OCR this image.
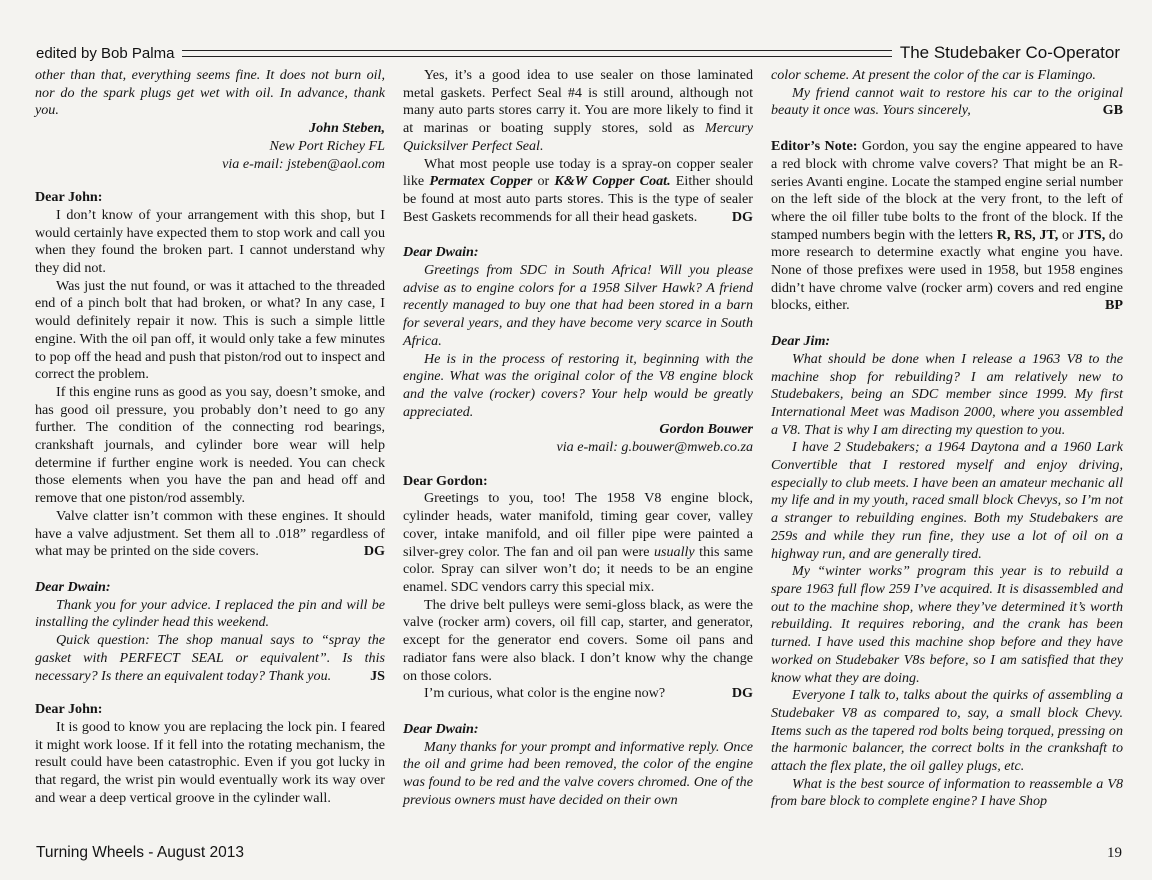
edited by Bob Palma	The Studebaker Co-Operator

other than that, everything seems fine. It does not burn oil, nor do the spark plugs get wet with oil. In advance, thank you.

John Steben,

New Port Richey FL

via e-mail: jsteben@aol.com

Dear John:

I don’t know of your arrangement with this shop, but I would certainly have expected them to stop work and call you when they found the broken part. I cannot understand why they did not.

Was just the nut found, or was it attached to the threaded end of a pinch bolt that had broken, or what? In any case, I would definitely repair it now. This is such a simple little engine. With the oil pan off, it would only take a few minutes to pop off the head and push that piston/rod out to inspect and correct the problem.

If this engine runs as good as you say, doesn’t smoke, and has good oil pressure, you probably don’t need to go any further. The condition of the connecting rod bearings, crankshaft journals, and cylinder bore wear will help determine if further engine work is needed. You can check those elements when you have the pan and head off and remove that one piston/rod assembly.

Valve clatter isn’t common with these engines. It should have a valve adjustment. Set them all to .018” regardless of what may be printed on the side covers.	DG

Dear Dwain:

Thank you for your advice. I replaced the pin and will be installing the cylinder head this weekend.

Quick question: The shop manual says to “spray the gasket with PERFECT SEAL or equivalent”. Is this necessary? Is there an equivalent today? Thank you.	JS

Dear John:

It is good to know you are replacing the lock pin. I feared it might work loose. If it fell into the rotating mechanism, the result could have been catastrophic. Even if you got lucky in that regard, the wrist pin would eventually work its way over and wear a deep vertical groove in the cylinder wall.

Yes, it’s a good idea to use sealer on those laminated metal gaskets. Perfect Seal #4 is still around, although not many auto parts stores carry it. You are more likely to find it at marinas or boating supply stores, sold as Mercury Quicksilver Perfect Seal.

What most people use today is a spray-on copper sealer like Permatex Copper or K&W Copper Coat. Either should be found at most auto parts stores. This is the type of sealer Best Gaskets recommends for all their head gaskets.	DG

Dear Dwain:

Greetings from SDC in South Africa! Will you please advise as to engine colors for a 1958 Silver Hawk? A friend recently managed to buy one that had been stored in a barn for several years, and they have become very scarce in South Africa.

He is in the process of restoring it, beginning with the engine. What was the original color of the V8 engine block and the valve (rocker) covers? Your help would be greatly appreciated.

Gordon Bouwer

via e-mail: g.bouwer@mweb.co.za

Dear Gordon:

Greetings to you, too! The 1958 V8 engine block, cylinder heads, water manifold, timing gear cover, valley cover, intake manifold, and oil filler pipe were painted a silver-grey color. The fan and oil pan were usually this same color. Spray can silver won’t do; it needs to be an engine enamel. SDC vendors carry this special mix.

The drive belt pulleys were semi-gloss black, as were the valve (rocker arm) covers, oil fill cap, starter, and generator, except for the generator end covers. Some oil pans and radiator fans were also black. I don’t know why the change on those colors.

I’m curious, what color is the engine now?	DG

Dear Dwain:

Many thanks for your prompt and informative reply. Once the oil and grime had been removed, the color of the engine was found to be red and the valve covers chromed. One of the previous owners must have decided on their own

color scheme. At present the color of the car is Flamingo.

My friend cannot wait to restore his car to the original beauty it once was. Yours sincerely,	GB

Editor’s Note: Gordon, you say the engine appeared to have a red block with chrome valve covers? That might be an R-series Avanti engine. Locate the stamped engine serial number on the left side of the block at the very front, to the left of where the oil filler tube bolts to the front of the block. If the stamped numbers begin with the letters R, RS, JT, or JTS, do more research to determine exactly what engine you have. None of those prefixes were used in 1958, but 1958 engines didn’t have chrome valve (rocker arm) covers and red engine blocks, either.	BP

Dear Jim:

What should be done when I release a 1963 V8 to the machine shop for rebuilding? I am relatively new to Studebakers, being an SDC member since 1999. My first International Meet was Madison 2000, where you assembled a V8. That is why I am directing my question to you.

I have 2 Studebakers; a 1964 Daytona and a 1960 Lark Convertible that I restored myself and enjoy driving, especially to club meets. I have been an amateur mechanic all my life and in my youth, raced small block Chevys, so I’m not a stranger to rebuilding engines. Both my Studebakers are 259s and while they run fine, they use a lot of oil on a highway run, and are generally tired.

My “winter works” program this year is to rebuild a spare 1963 full flow 259 I’ve acquired. It is disassembled and out to the machine shop, where they’ve determined it’s worth rebuilding. It requires reboring, and the crank has been turned. I have used this machine shop before and they have worked on Studebaker V8s before, so I am satisfied that they know what they are doing.

Everyone I talk to, talks about the quirks of assembling a Studebaker V8 as compared to, say, a small block Chevy. Items such as the tapered rod bolts being torqued, pressing on the harmonic balancer, the correct bolts in the crankshaft to attach the flex plate, the oil galley plugs, etc.

What is the best source of information to reassemble a V8 from bare block to complete engine? I have Shop

Turning Wheels - August 2013	19
